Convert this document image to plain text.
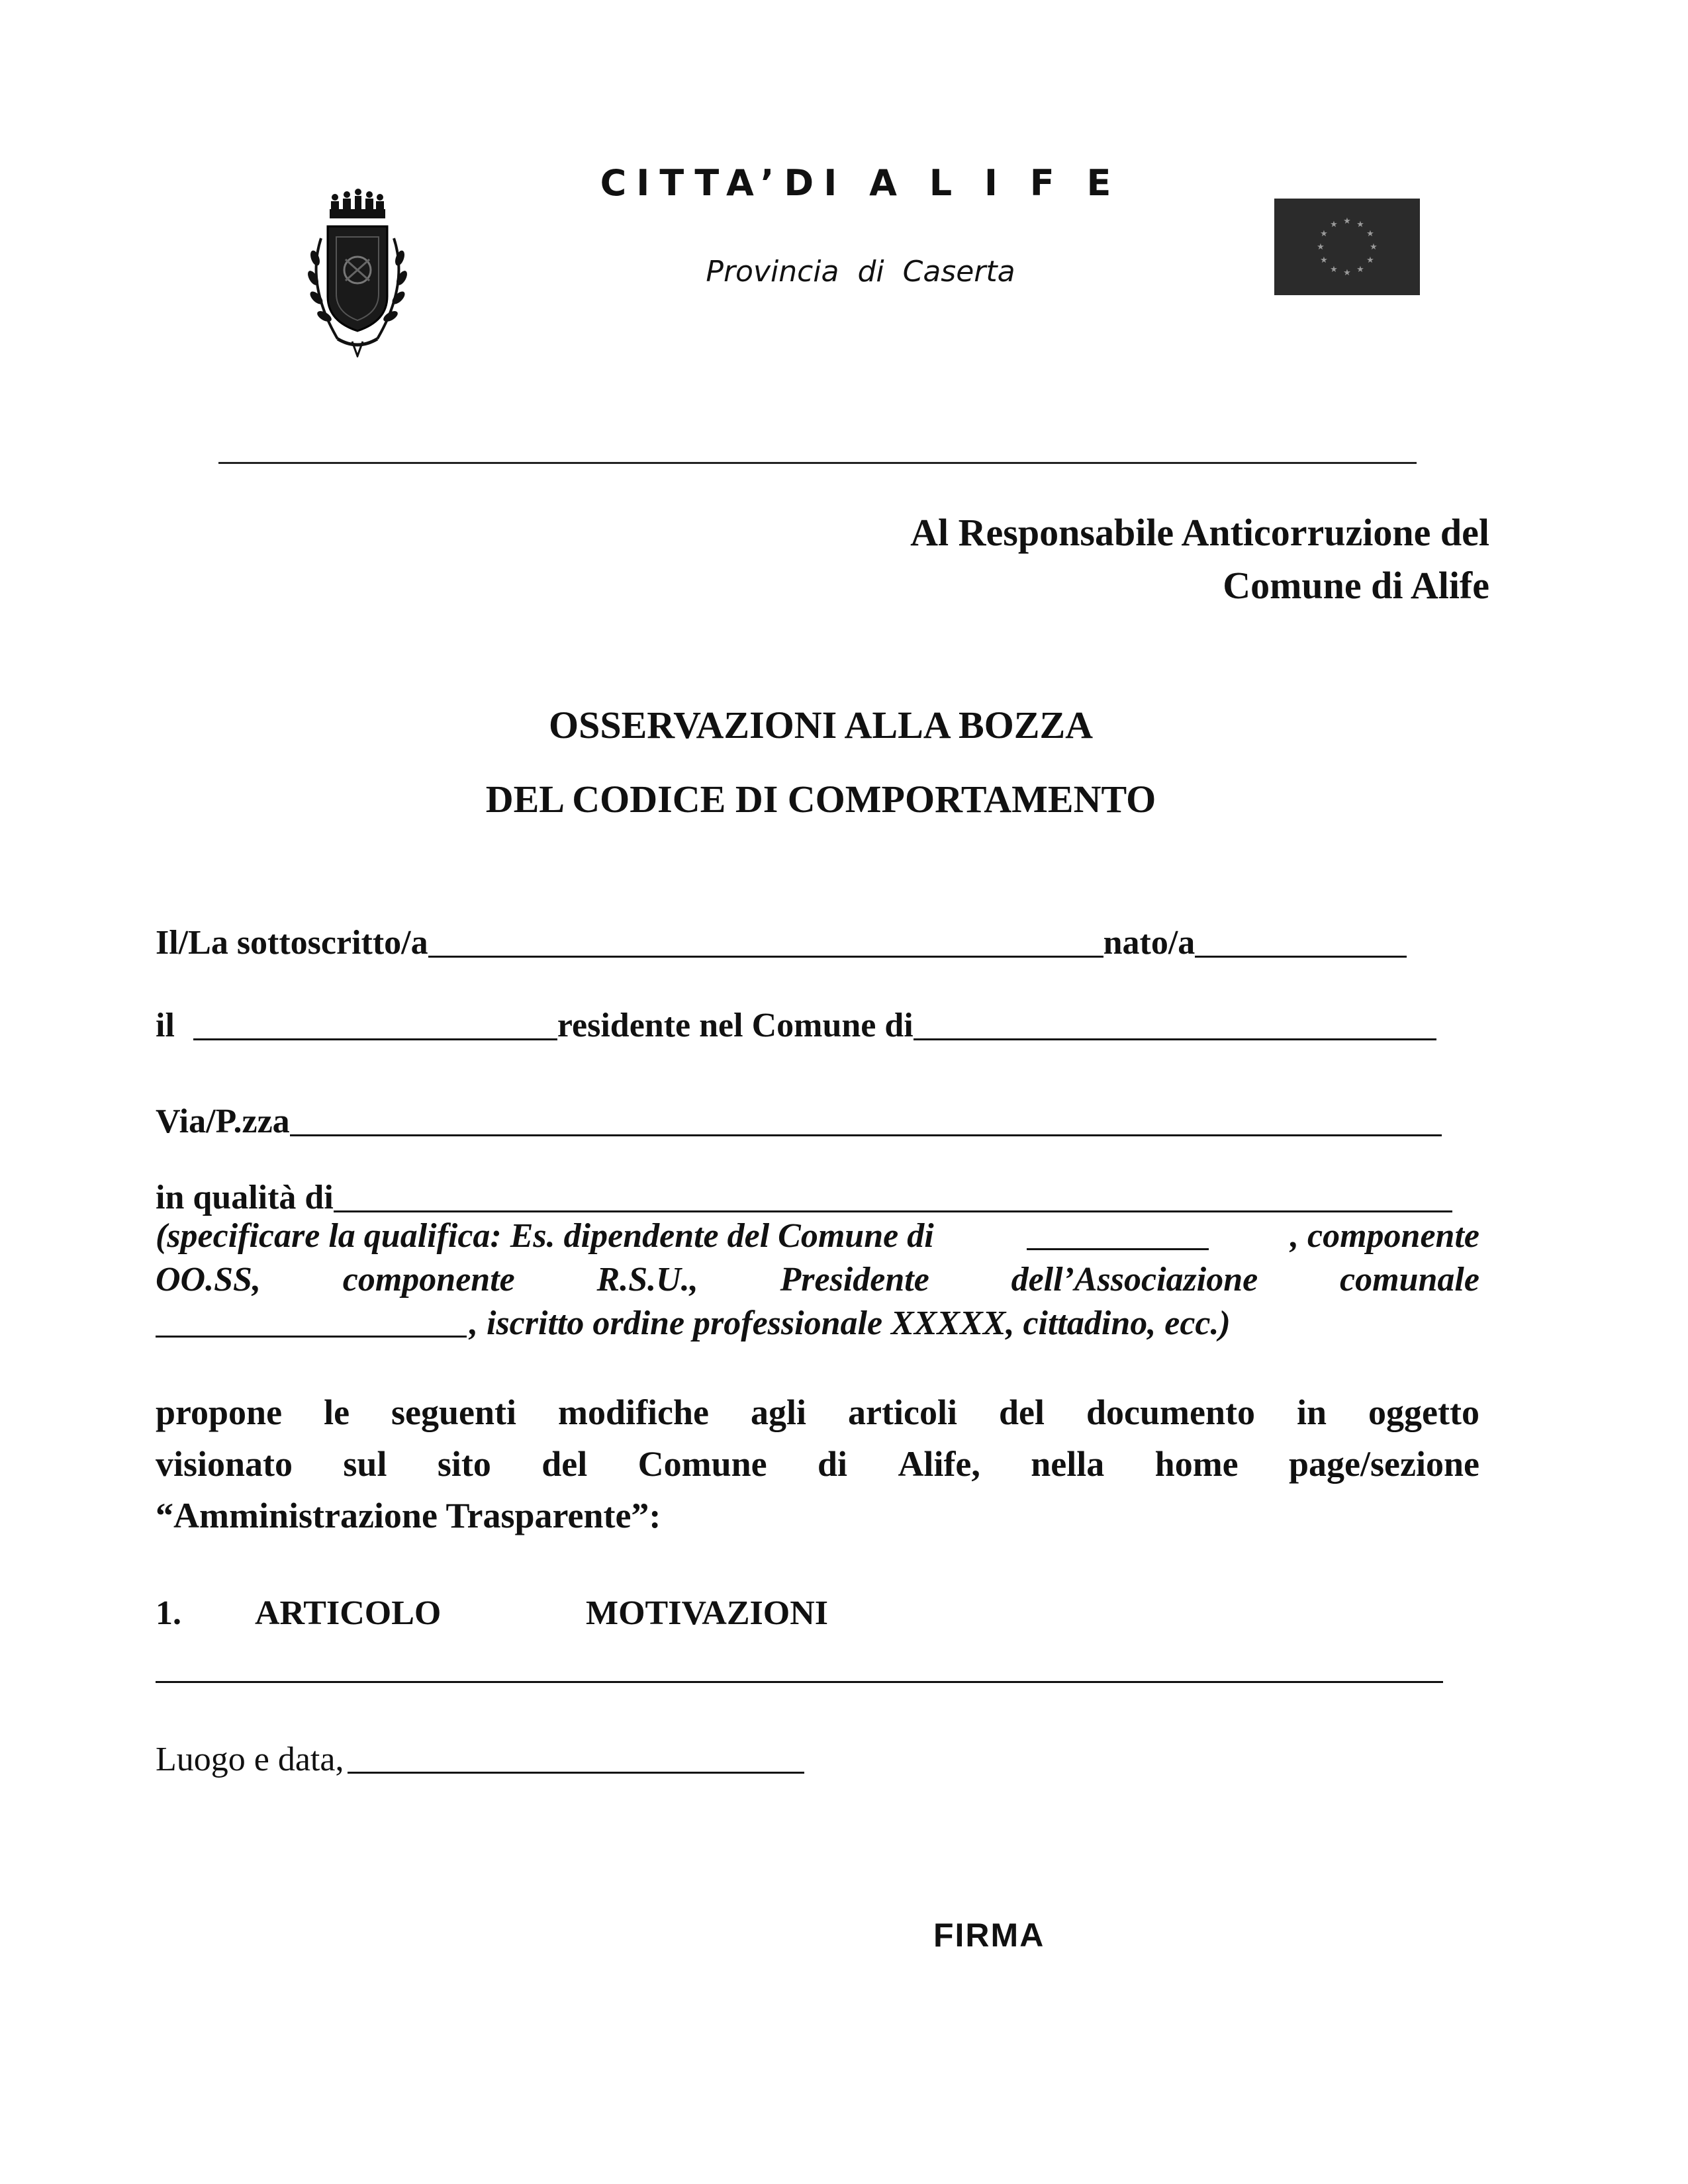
CITTA’DI A L I F E
Provincia di Caserta
★ ★
★
★
★
★
★
★
★
★
★
★
Al Responsabile Anticorruzione del
Comune di Alife
OSSERVAZIONI ALLA BOZZA
DEL CODICE DI COMPORTAMENTO
Il/La sottoscritto/a	nato/a
il	residente nel Comune di
Via/P.zza
in qualità di
(specificare la qualifica: Es. dipendente del Comune di	, componente
OO.SS, componente R.S.U., Presidente dell’Associazione comunale
, iscritto ordine professionale XXXXX, cittadino, ecc.)
propone le seguenti modifiche agli articoli del documento in oggetto
visionato sul sito del Comune di Alife, nella home page/sezione
“Amministrazione Trasparente”:
1. ARTICOLO	MOTIVAZIONI
Luogo e data,
FIRMA
